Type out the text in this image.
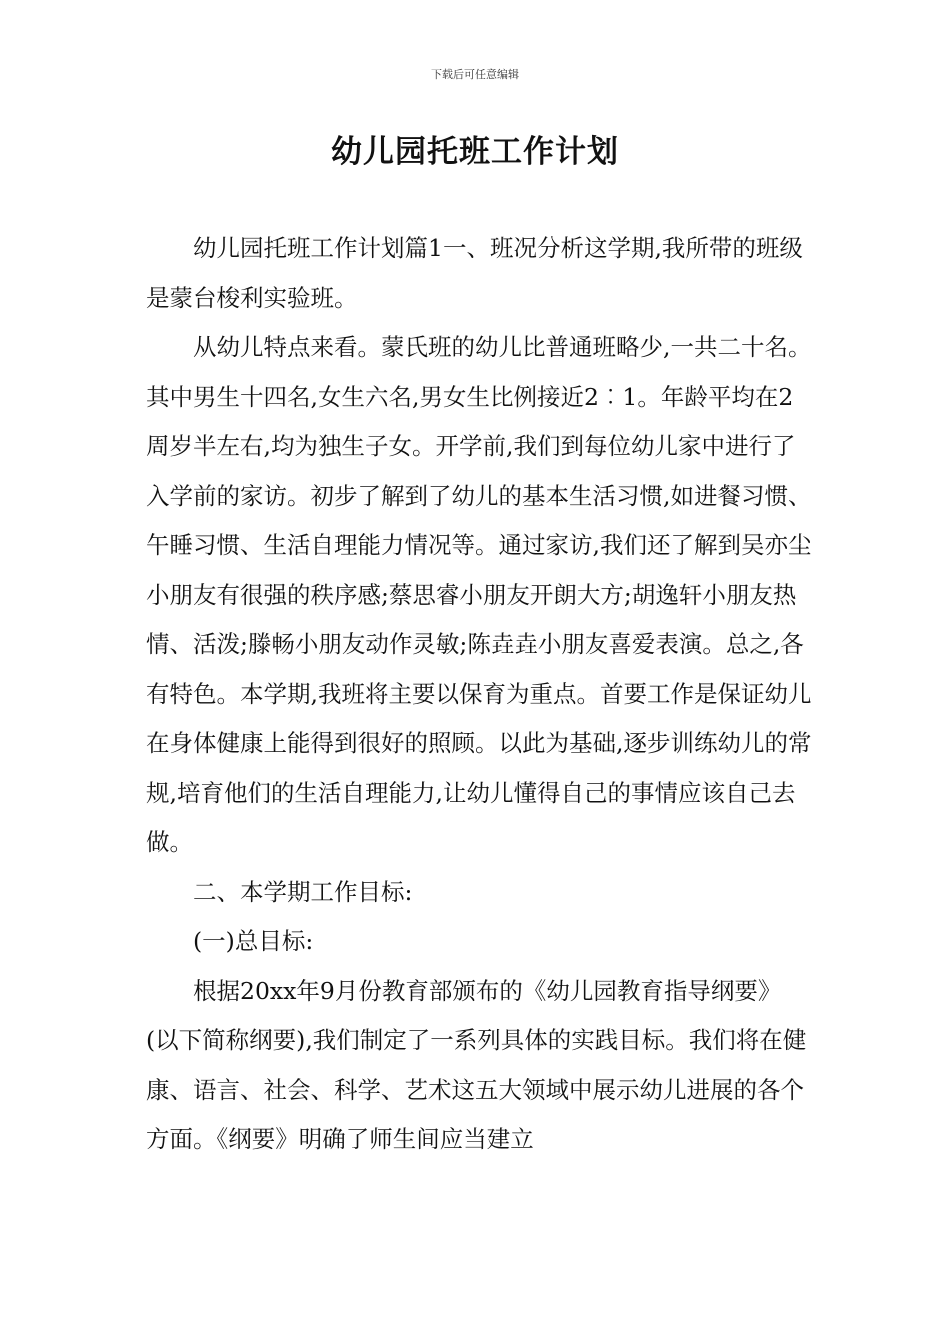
下载后可任意编辑
幼儿园托班工作计划

幼儿园托班工作计划篇1一、班况分析这学期,我所带的班级是蒙台梭利实验班。

从幼儿特点来看。蒙氏班的幼儿比普通班略少,一共二十名。其中男生十四名,女生六名,男女生比例接近2︰1。年龄平均在2周岁半左右,均为独生子女。开学前,我们到每位幼儿家中进行了入学前的家访。初步了解到了幼儿的基本生活习惯,如进餐习惯、午睡习惯、生活自理能力情况等。通过家访,我们还了解到吴亦尘小朋友有很强的秩序感;蔡思睿小朋友开朗大方;胡逸轩小朋友热情、活泼;滕畅小朋友动作灵敏;陈垚垚小朋友喜爱表演。总之,各有特色。本学期,我班将主要以保育为重点。首要工作是保证幼儿在身体健康上能得到很好的照顾。以此为基础,逐步训练幼儿的常规,培育他们的生活自理能力,让幼儿懂得自己的事情应该自己去做。

二、本学期工作目标:

(一)总目标:

根据20xx年9月份教育部颁布的《幼儿园教育指导纲要》(以下简称纲要),我们制定了一系列具体的实践目标。我们将在健康、语言、社会、科学、艺术这五大领域中展示幼儿进展的各个方面。《纲要》明确了师生间应当建立
